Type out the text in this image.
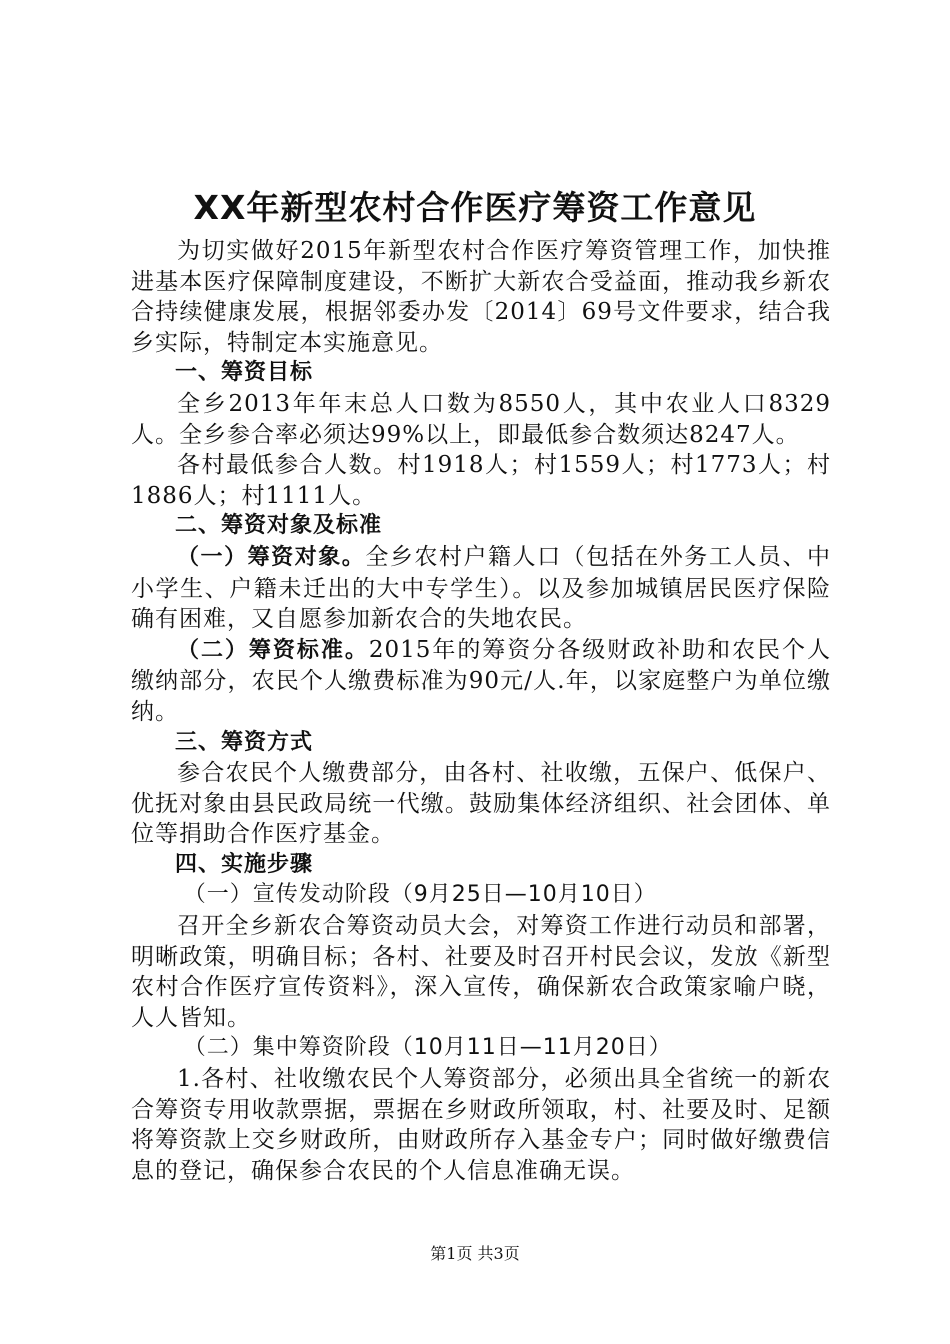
XX年新型农村合作医疗筹资工作意见

为切实做好2015年新型农村合作医疗筹资管理工作，加快推进基本医疗保障制度建设，不断扩大新农合受益面，推动我乡新农合持续健康发展，根据邻委办发〔2014〕69号文件要求，结合我乡实际，特制定本实施意见。

一、筹资目标

全乡2013年年末总人口数为8550人，其中农业人口8329人。全乡参合率必须达99%以上，即最低参合数须达8247人。

各村最低参合人数。村1918人；村1559人；村1773人；村1886人；村1111人。

二、筹资对象及标准

（一）筹资对象。全乡农村户籍人口（包括在外务工人员、中小学生、户籍未迁出的大中专学生）。以及参加城镇居民医疗保险确有困难，又自愿参加新农合的失地农民。

（二）筹资标准。2015年的筹资分各级财政补助和农民个人缴纳部分，农民个人缴费标准为90元/人.年，以家庭整户为单位缴纳。

三、筹资方式

参合农民个人缴费部分，由各村、社收缴，五保户、低保户、优抚对象由县民政局统一代缴。鼓励集体经济组织、社会团体、单位等捐助合作医疗基金。

四、实施步骤

（一）宣传发动阶段（9月25日—10月10日）

召开全乡新农合筹资动员大会，对筹资工作进行动员和部署，明晰政策，明确目标；各村、社要及时召开村民会议，发放《新型农村合作医疗宣传资料》，深入宣传，确保新农合政策家喻户晓，人人皆知。

（二）集中筹资阶段（10月11日—11月20日）

1.各村、社收缴农民个人筹资部分，必须出具全省统一的新农合筹资专用收款票据，票据在乡财政所领取，村、社要及时、足额将筹资款上交乡财政所，由财政所存入基金专户；同时做好缴费信息的登记，确保参合农民的个人信息准确无误。

第1页 共3页
